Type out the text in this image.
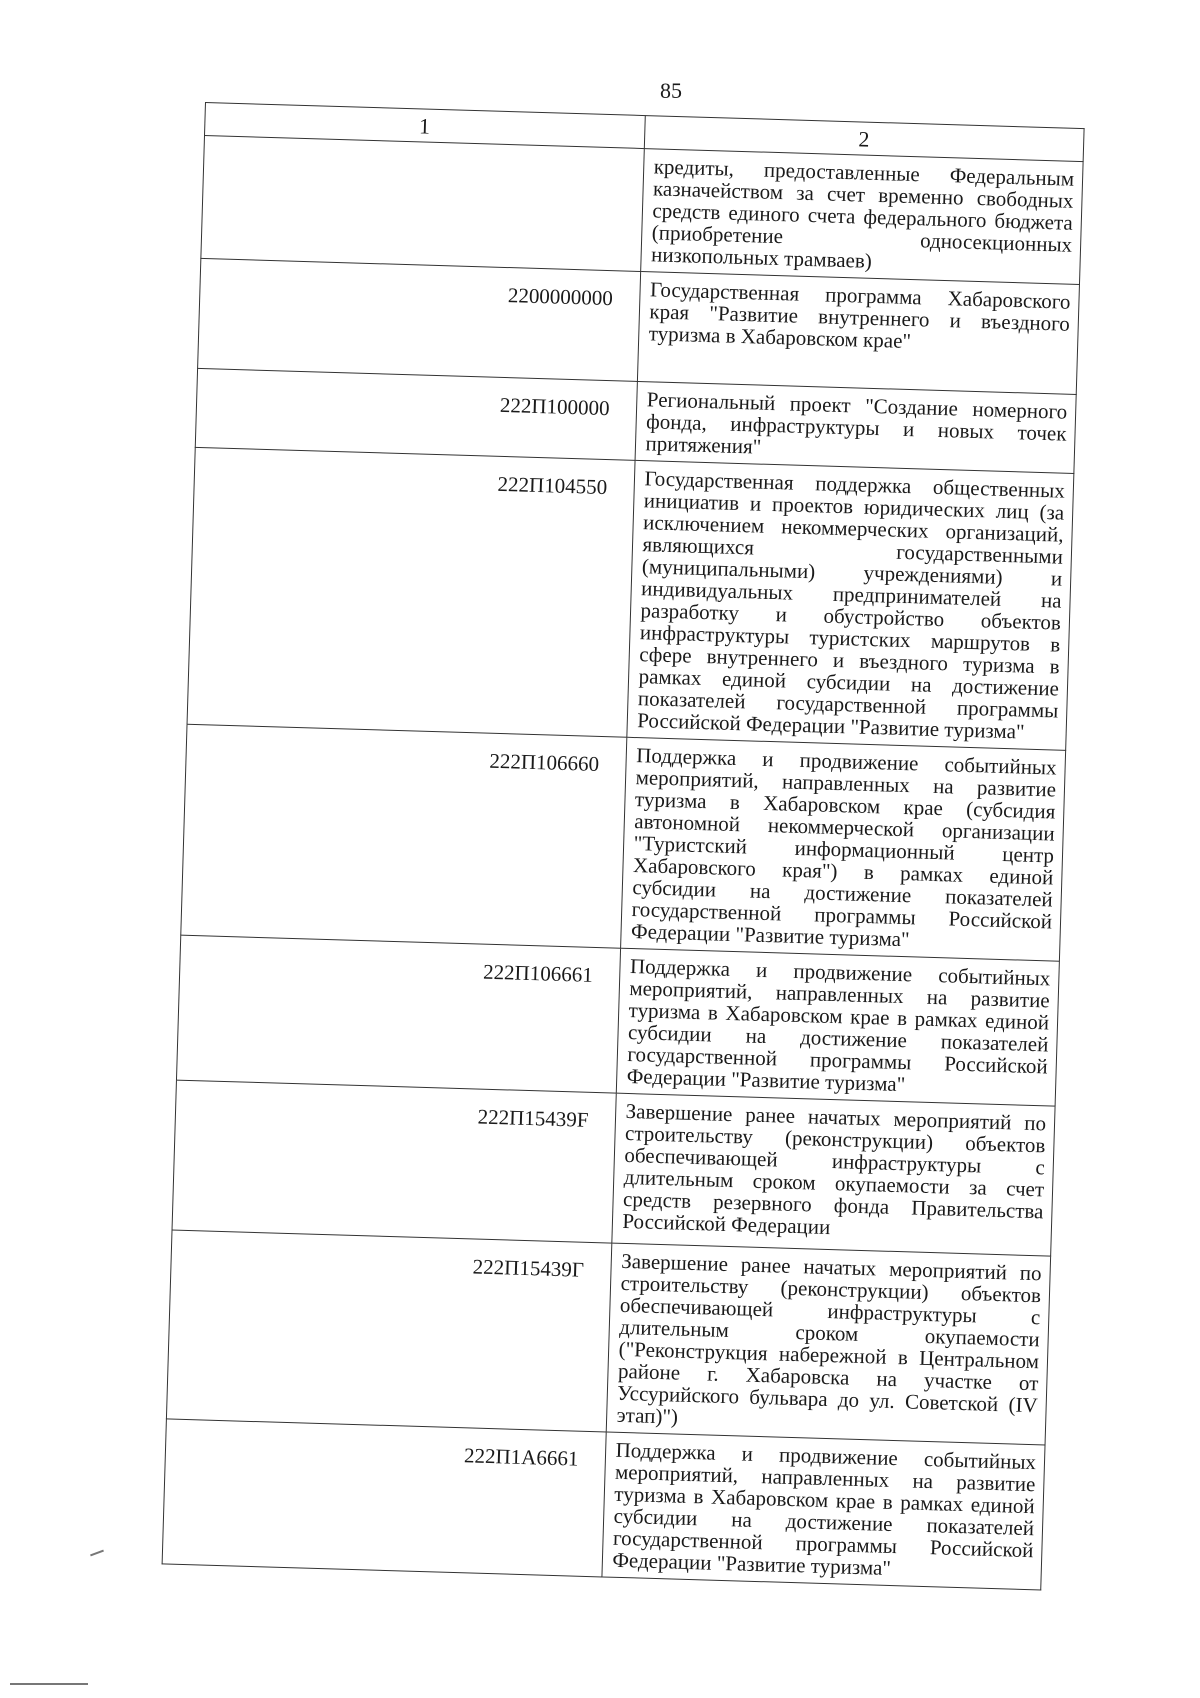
85
1	2
	кредиты, предоставленные Федеральным казначейством за счет временно свободных средств единого счета федерального бюджета (приобретение односекционных низкопольных трамваев)
2200000000	Государственная программа Хабаровского края "Развитие внутреннего и въездного туризма в Хабаровском крае"
222П100000	Региональный проект "Создание номерного фонда, инфраструктуры и новых точек притяжения"
222П104550	Государственная поддержка общественных инициатив и проектов юридических лиц (за исключением некоммерческих организаций, являющихся государственными (муниципальными) учреждениями) и индивидуальных предпринимателей на разработку и обустройство объектов инфраструктуры туристских маршрутов в сфере внутреннего и въездного туризма в рамках единой субсидии на достижение показателей государственной программы Российской Федерации "Развитие туризма"
222П106660	Поддержка и продвижение событийных мероприятий, направленных на развитие туризма в Хабаровском крае (субсидия автономной некоммерческой организации "Туристский информационный центр Хабаровского края") в рамках единой субсидии на достижение показателей государственной программы Российской Федерации "Развитие туризма"
222П106661	Поддержка и продвижение событийных мероприятий, направленных на развитие туризма в Хабаровском крае в рамках единой субсидии на достижение показателей государственной программы Российской Федерации "Развитие туризма"
222П15439F	Завершение ранее начатых мероприятий по строительству (реконструкции) объектов обеспечивающей инфраструктуры с длительным сроком окупаемости за счет средств резервного фонда Правительства Российской Федерации
222П15439Г	Завершение ранее начатых мероприятий по строительству (реконструкции) объектов обеспечивающей инфраструктуры с длительным сроком окупаемости ("Реконструкция набережной в Центральном районе г. Хабаровска на участке от Уссурийского бульвара до ул. Советской (IV этап)")
222П1А6661	Поддержка и продвижение событийных мероприятий, направленных на развитие туризма в Хабаровском крае в рамках единой субсидии на достижение показателей государственной программы Российской Федерации "Развитие туризма"
